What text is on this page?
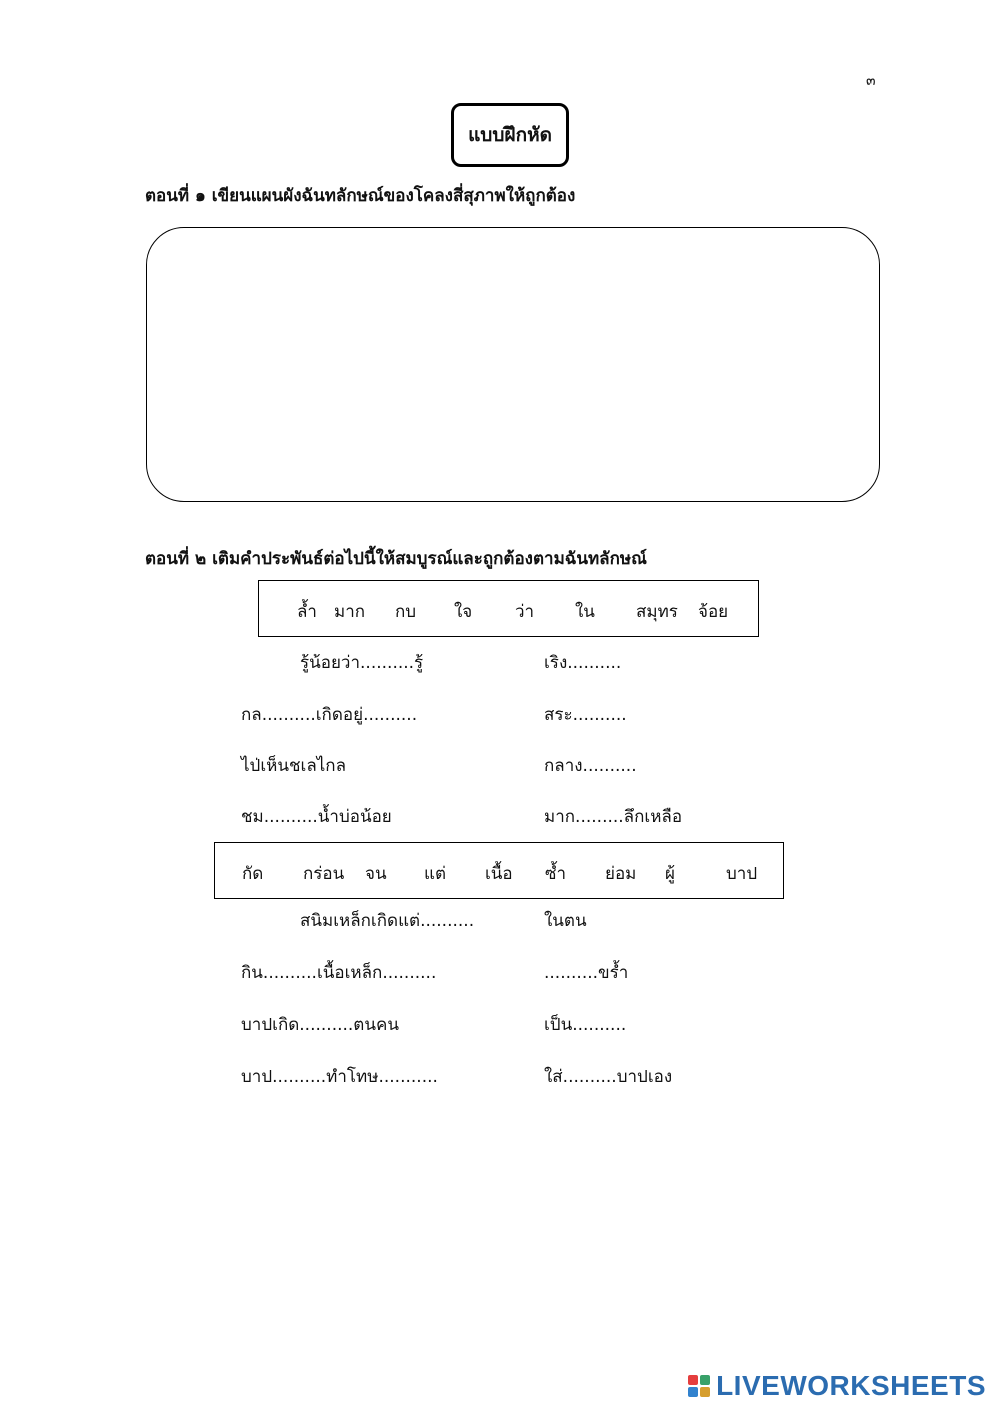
๓
แบบฝึกหัด
ตอนที่ ๑ เขียนแผนผังฉันทลักษณ์ของโคลงสี่สุภาพให้ถูกต้อง
ตอนที่ ๒ เติมคำประพันธ์ต่อไปนี้ให้สมบูรณ์และถูกต้องตามฉันทลักษณ์
ล้ำ มาก กบ ใจ	ว่า ใน สมุทร จ้อย
รู้น้อยว่า..........รู้	เริง..........
กล..........เกิดอยู่..........	สระ..........
ไป่เห็นชเลไกล	กลาง..........
ชม..........น้ำบ่อน้อย	มาก.........ลึกเหลือ
กัด กร่อน จน แต่ เนื้อ ซ้ำ ย่อม ผู้	บาป
สนิมเหล็กเกิดแต่..........	ในตน
กิน..........เนื้อเหล็ก..........	..........ขร้ำ
บาปเกิด..........ตนคน	เป็น..........
บาป..........ทำโทษ...........	ใส่..........บาปเอง
LIVEWORKSHEETS
